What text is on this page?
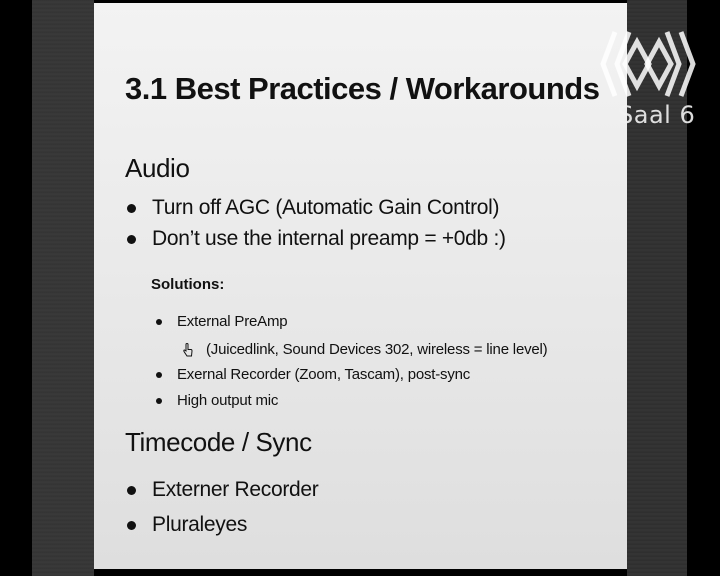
3.1 Best Practices / Workarounds
Audio
Turn off AGC (Automatic Gain Control)
Don’t use the internal preamp = +0db :)

Solutions:

External PreAmp
(Juicedlink, Sound Devices 302, wireless = line level)
Exernal Recorder (Zoom, Tascam), post-sync
High output mic
Timecode / Sync
Externer Recorder
Pluraleyes
Saal 6
